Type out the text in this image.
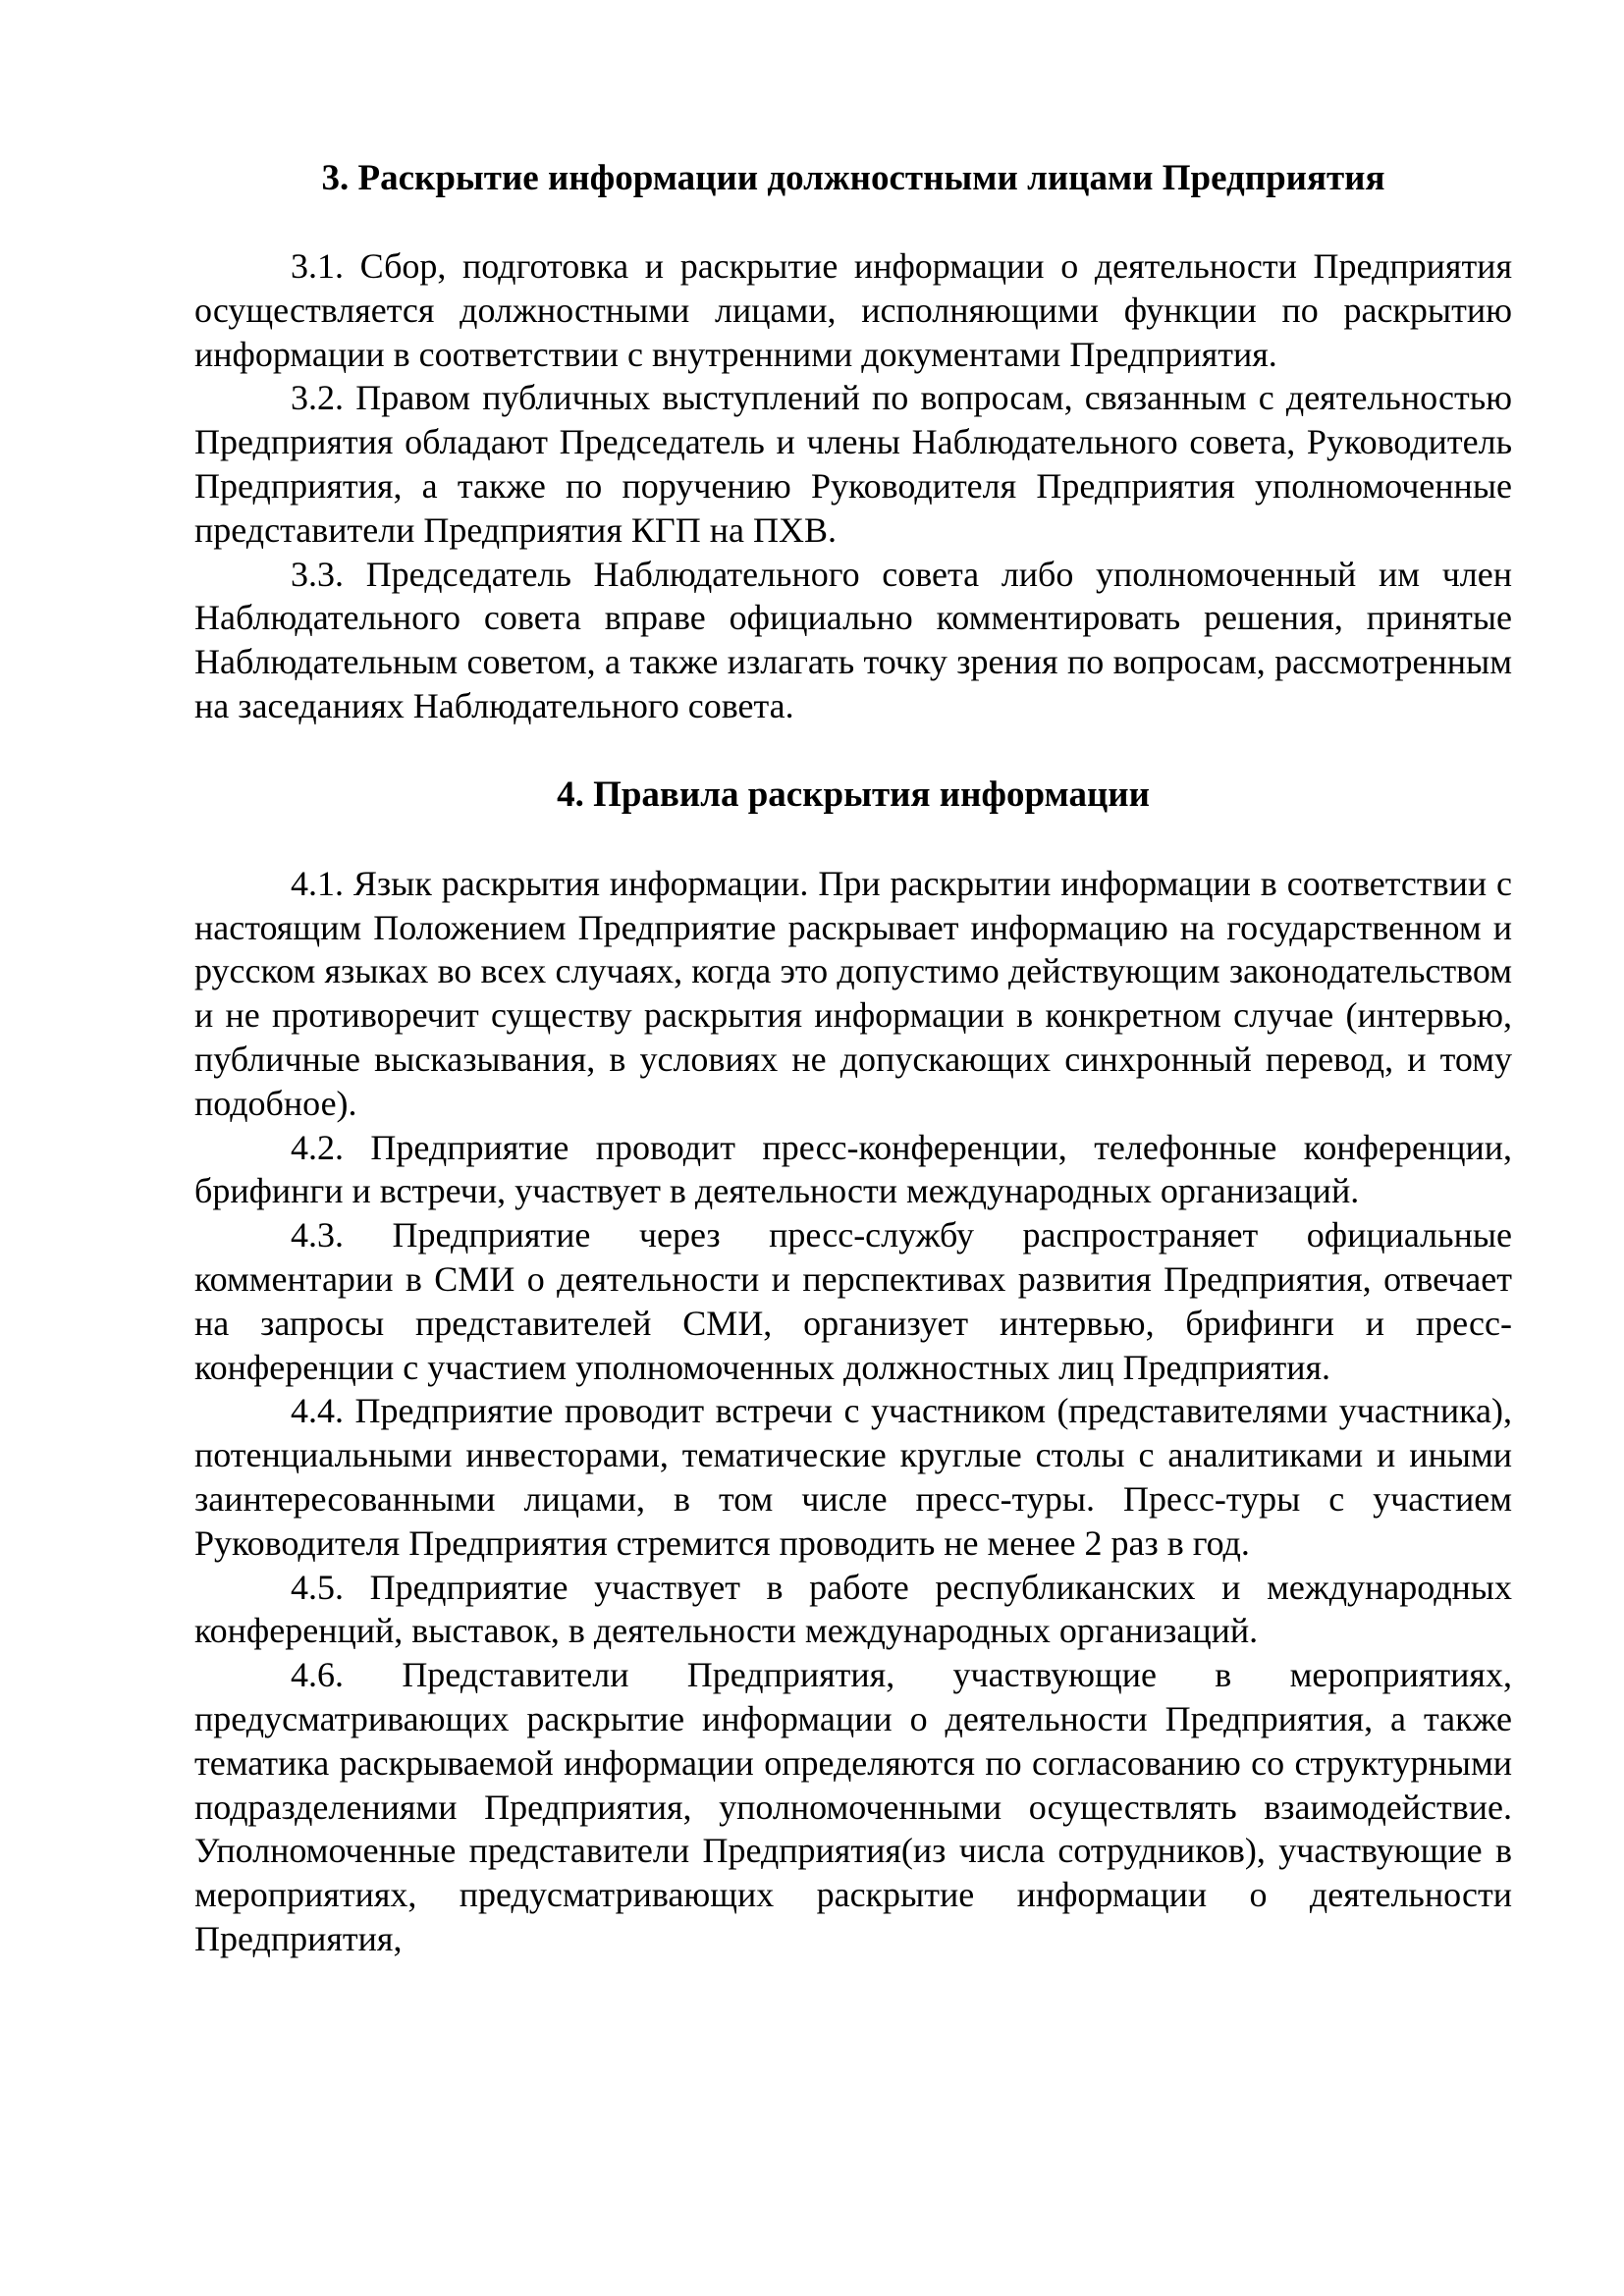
3. Раскрытие информации должностными лицами Предприятия

3.1. Сбор, подготовка и раскрытие информации о деятельности Предприятия осуществляется должностными лицами, исполняющими функции по раскрытию информации в соответствии с внутренними документами Предприятия.

3.2. Правом публичных выступлений по вопросам, связанным с деятельностью Предприятия обладают Председатель и члены Наблюдательного совета, Руководитель Предприятия, а также по поручению Руководителя Предприятия уполномоченные представители Предприятия КГП на ПХВ.

3.3. Председатель Наблюдательного совета либо уполномоченный им член Наблюдательного совета вправе официально комментировать решения, принятые Наблюдательным советом, а также излагать точку зрения по вопросам, рассмотренным на заседаниях Наблюдательного совета.

4. Правила раскрытия информации

4.1. Язык раскрытия информации. При раскрытии информации в соответствии с настоящим Положением Предприятие раскрывает информацию на государственном и русском языках во всех случаях, когда это допустимо действующим законодательством и не противоречит существу раскрытия информации в конкретном случае (интервью, публичные высказывания, в условиях не допускающих синхронный перевод, и тому подобное).

4.2. Предприятие проводит пресс-конференции, телефонные конференции, брифинги и встречи, участвует в деятельности международных организаций.

4.3. Предприятие через пресс-службу распространяет официальные комментарии в СМИ о деятельности и перспективах развития Предприятия, отвечает на запросы представителей СМИ, организует интервью, брифинги и пресс-конференции с участием уполномоченных должностных лиц Предприятия.

4.4. Предприятие проводит встречи с участником (представителями участника), потенциальными инвесторами, тематические круглые столы с аналитиками и иными заинтересованными лицами, в том числе пресс-туры. Пресс-туры с участием Руководителя Предприятия стремится проводить не менее 2 раз в год.

4.5. Предприятие участвует в работе республиканских и международных конференций, выставок, в деятельности международных организаций.

4.6. Представители Предприятия, участвующие в мероприятиях, предусматривающих раскрытие информации о деятельности Предприятия, а также тематика раскрываемой информации определяются по согласованию со структурными подразделениями Предприятия, уполномоченными осуществлять взаимодействие. Уполномоченные представители Предприятия(из числа сотрудников), участвующие в мероприятиях, предусматривающих раскрытие информации о деятельности Предприятия,
